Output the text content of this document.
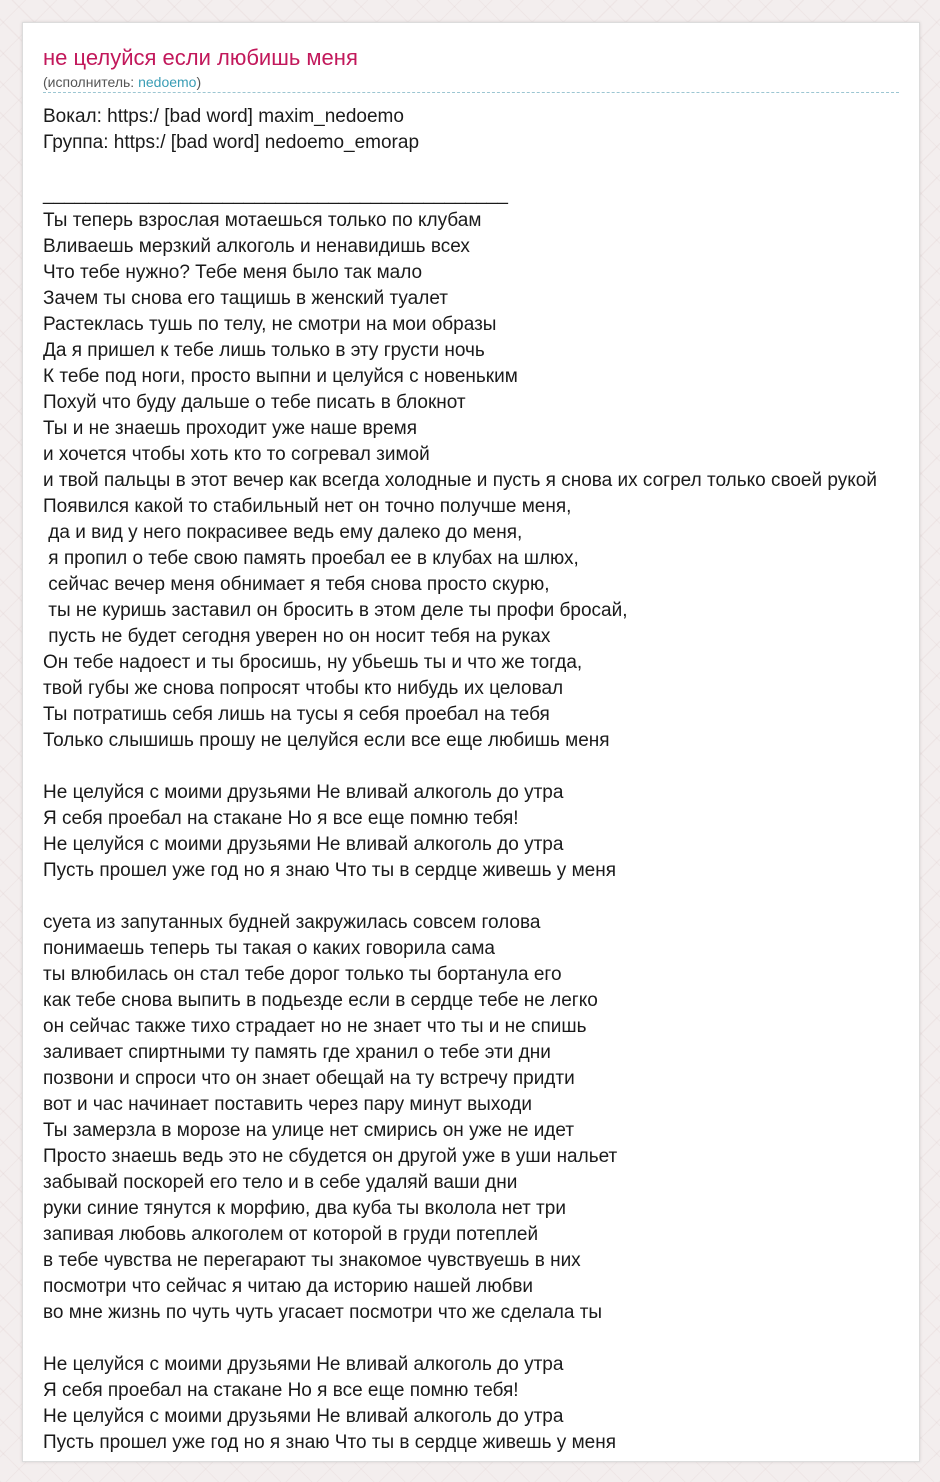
не целуйся если любишь меня
(исполнитель: nedoemo)
Вокал: https:/ [bad word] maxim_nedoemo
Группа: https:/ [bad word] nedoemo_emorap

____________________________________________
Ты теперь взрослая мотаешься только по клубам
Вливаешь мерзкий алкоголь и ненавидишь всех
Что тебе нужно? Тебе меня было так мало
Зачем ты снова его тащишь в женский туалет
Растеклась тушь по телу, не смотри на мои образы
Да я пришел к тебе лишь только в эту грусти ночь
К тебе под ноги, просто выпни и целуйся с новеньким
Похуй что буду дальше о тебе писать в блокнот
Ты и не знаешь проходит уже наше время
и хочется чтобы хоть кто то согревал зимой
и твой пальцы в этот вечер как всегда холодные и пусть я снова их согрел только своей рукой
Появился какой то стабильный нет он точно получше меня,
да и вид у него покрасивее ведь ему далеко до меня,
я пропил о тебе свою память проебал ее в клубах на шлюх,
сейчас вечер меня обнимает я тебя снова просто скурю,
ты не куришь заставил он бросить в этом деле ты профи бросай,
пусть не будет сегодня уверен но он носит тебя на руках
Он тебе надоест и ты бросишь, ну убьешь ты и что же тогда,
твой губы же снова попросят чтобы кто нибудь их целовал
Ты потратишь себя лишь на тусы я себя проебал на тебя
Только слышишь прошу не целуйся если все еще любишь меня

Не целуйся с моими друзьями Не вливай алкоголь до утра
Я себя проебал на стакане Но я все еще помню тебя!
Не целуйся с моими друзьями Не вливай алкоголь до утра
Пусть прошел уже год но я знаю Что ты в сердце живешь у меня

суета из запутанных будней закружилась совсем голова
понимаешь теперь ты такая о каких говорила сама
ты влюбилась он стал тебе дорог только ты бортанула его
как тебе снова выпить в подьезде если в сердце тебе не легко
он сейчас также тихо страдает но не знает что ты и не спишь
заливает спиртными ту память где хранил о тебе эти дни
позвони и спроси что он знает обещай на ту встречу придти
вот и час начинает поставить через пару минут выходи
Ты замерзла в морозе на улице нет смирись он уже не идет
Просто знаешь ведь это не сбудется он другой уже в уши нальет
забывай поскорей его тело и в себе удаляй ваши дни
руки синие тянутся к морфию, два куба ты вколола нет три
запивая любовь алкоголем от которой в груди потеплей
в тебе чувства не перегарают ты знакомое чувствуешь в них
посмотри что сейчас я читаю да историю нашей любви
во мне жизнь по чуть чуть угасает посмотри что же сделала ты

Не целуйся с моими друзьями Не вливай алкоголь до утра
Я себя проебал на стакане Но я все еще помню тебя!
Не целуйся с моими друзьями Не вливай алкоголь до утра
Пусть прошел уже год но я знаю Что ты в сердце живешь у меня
